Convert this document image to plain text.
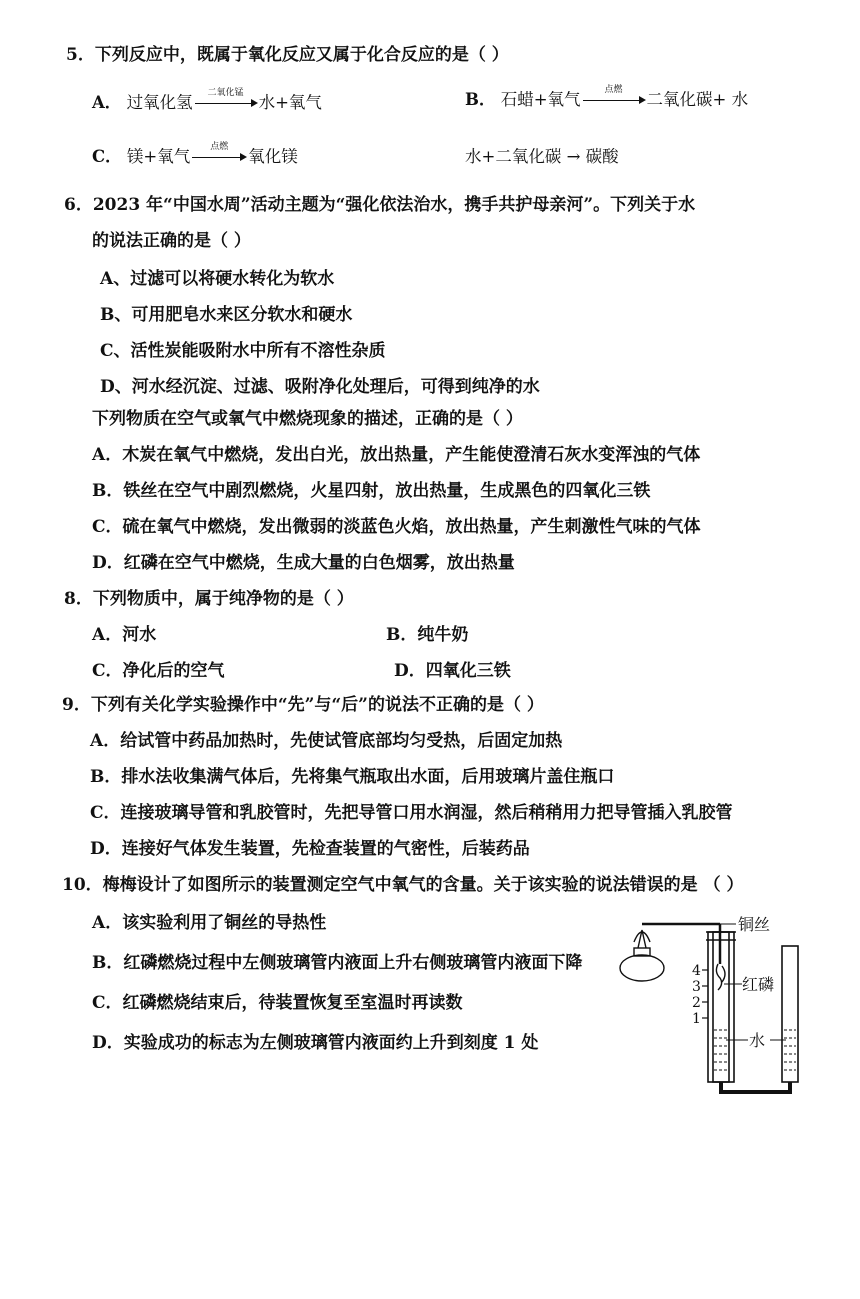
5．下列反应中，既属于氧化反应又属于化合反应的是（ ）
A． 过氧化氢	二氧化锰 水+氧气	B． 石蜡+氧气	点燃	二氧化碳+ 水
C． 镁+氧气	点燃	氧化镁	水+二氧化碳 → 碳酸
6．2023 年“中国水周”活动主题为“强化依法治水，携手共护母亲河”。下列关于水
的说法正确的是（ ）
A、过滤可以将硬水转化为软水
B、可用肥皂水来区分软水和硬水
C、活性炭能吸附水中所有不溶性杂质
D、河水经沉淀、过滤、吸附净化处理后，可得到纯净的水
下列物质在空气或氧气中燃烧现象的描述，正确的是（ ）
A．木炭在氧气中燃烧，发出白光，放出热量，产生能使澄清石灰水变浑浊的气体
B．铁丝在空气中剧烈燃烧，火星四射，放出热量，生成黑色的四氧化三铁
C．硫在氧气中燃烧，发出微弱的淡蓝色火焰，放出热量，产生刺激性气味的气体
D．红磷在空气中燃烧，生成大量的白色烟雾，放出热量
8．下列物质中，属于纯净物的是（ ）
A．河水	B．纯牛奶
C．净化后的空气	D．四氧化三铁
9．下列有关化学实验操作中“先”与“后”的说法不正确的是（ ）
A．给试管中药品加热时，先使试管底部均匀受热，后固定加热
B．排水法收集满气体后，先将集气瓶取出水面，后用玻璃片盖住瓶口
C．连接玻璃导管和乳胶管时，先把导管口用水润湿，然后稍稍用力把导管插入乳胶管
D．连接好气体发生装置，先检查装置的气密性，后装药品
10．梅梅设计了如图所示的装置测定空气中氧气的含量。关于该实验的说法错误的是 （ ）
A．该实验利用了铜丝的导热性
B．红磷燃烧过程中左侧玻璃管内液面上升右侧玻璃管内液面下降
C．红磷燃烧结束后，待装置恢复至室温时再读数
D．实验成功的标志为左侧玻璃管内液面约上升到刻度 1 处
铜丝
红磷
水
4
3
2
1
